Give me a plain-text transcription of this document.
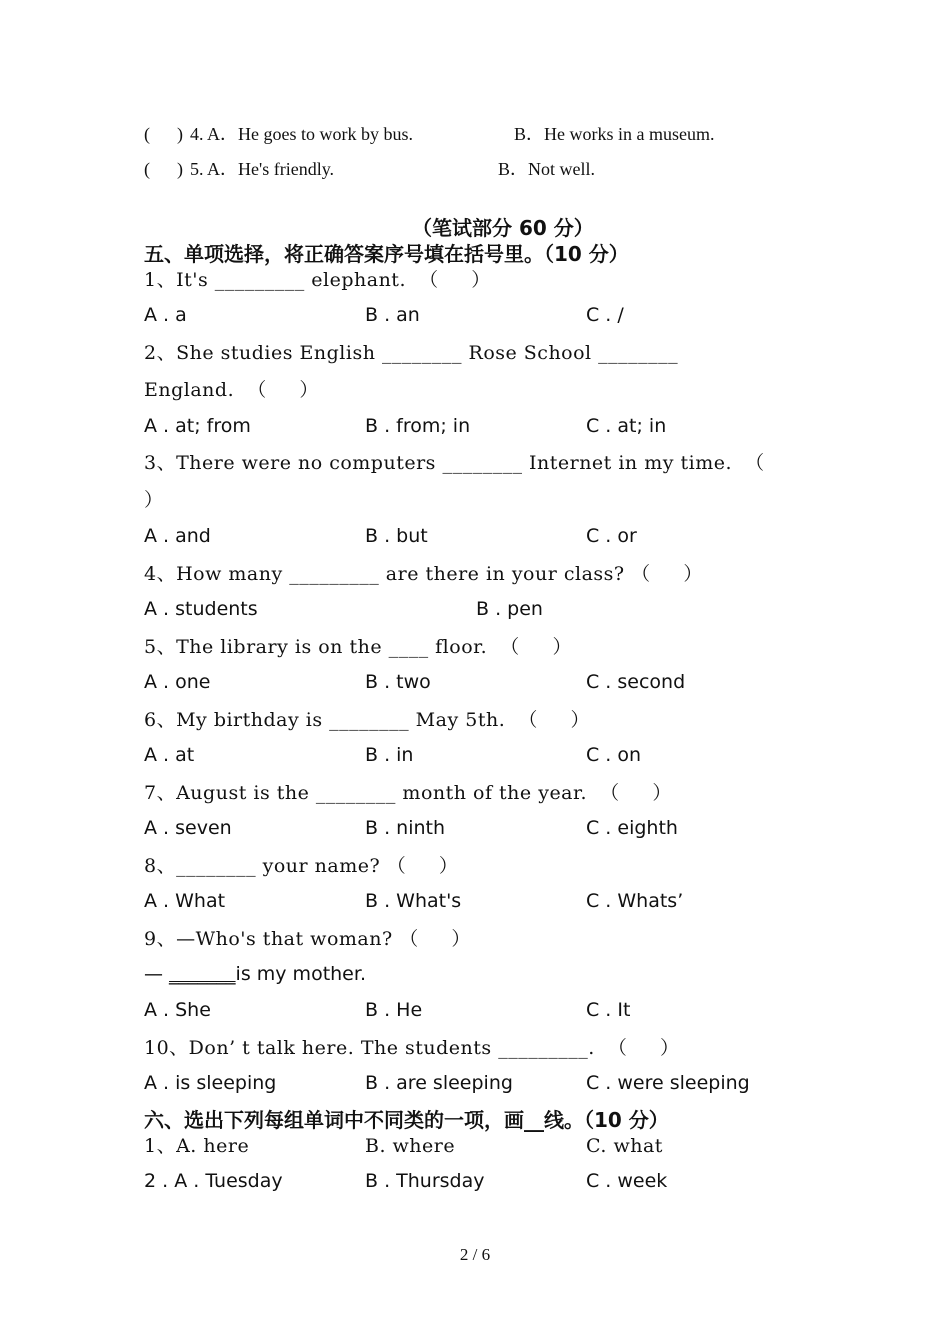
(      ) 4. A．He goes to work by bus.	B．He works in a museum.
(      ) 5. A．He's friendly.	B．Not well.
（笔试部分 60 分）
五、单项选择，将正确答案序号填在括号里。（10 分）
1、It's _________ elephant.  （     ）
A . a	B . an	C . /
2、She studies English ________ Rose School ________
England.  （     ）
A . at; from	B . from; in	C . at; in
3、There were no computers ________ Internet in my time.  （
）
A . and	B . but	C . or
4、How many _________ are there in your class? （     ）
A . students	B . pen
5、The library is on the ____ floor.  （     ）
A . one	B . two	C . second
6、My birthday is ________ May 5th.  （     ）
A . at	B . in	C . on
7、August is the ________ month of the year.  （     ）
A . seven	B . ninth	C . eighth
8、________ your name? （     ）
A . What	B . What's	C . Whats’
9、—Who's that woman? （     ）
— _______is my mother.
A . She	B . He	C . It
10、Don’ t talk here. The students _________.  （     ）
A . is sleeping	B . are sleeping	C . were sleeping
六、选出下列每组单词中不同类的一项，画__线。（10 分）
1、A. here	B. where	C. what
2 . A . Tuesday	B . Thursday	C . week
2 / 6
